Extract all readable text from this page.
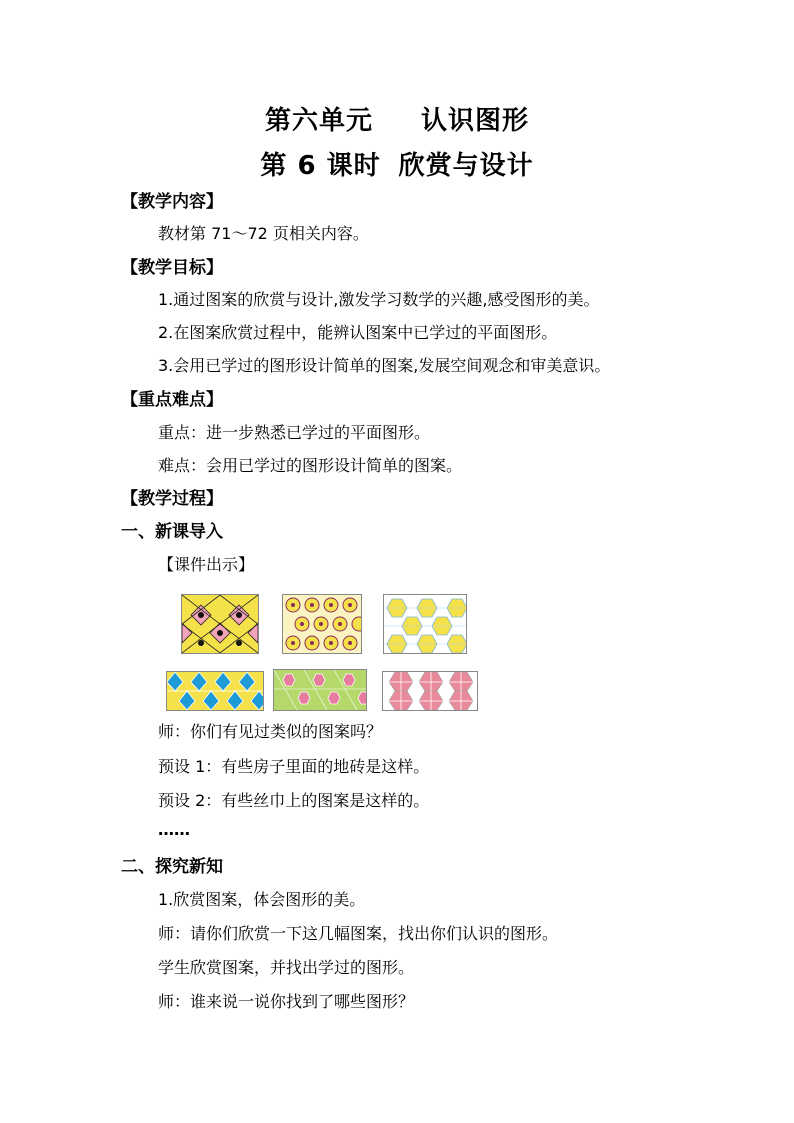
第六单元 认识图形
第 6 课时 欣赏与设计
【教学内容】
教材第 71～72 页相关内容。
【教学目标】
1.通过图案的欣赏与设计,激发学习数学的兴趣,感受图形的美。
2.在图案欣赏过程中，能辨认图案中已学过的平面图形。
3.会用已学过的图形设计简单的图案,发展空间观念和审美意识。
【重点难点】
重点：进一步熟悉已学过的平面图形。
难点：会用已学过的图形设计简单的图案。
【教学过程】
一、新课导入
【课件出示】
师：你们有见过类似的图案吗？
预设 1：有些房子里面的地砖是这样。
预设 2：有些丝巾上的图案是这样的。
……
二、探究新知
1.欣赏图案，体会图形的美。
师：请你们欣赏一下这几幅图案，找出你们认识的图形。
学生欣赏图案，并找出学过的图形。
师：谁来说一说你找到了哪些图形？
